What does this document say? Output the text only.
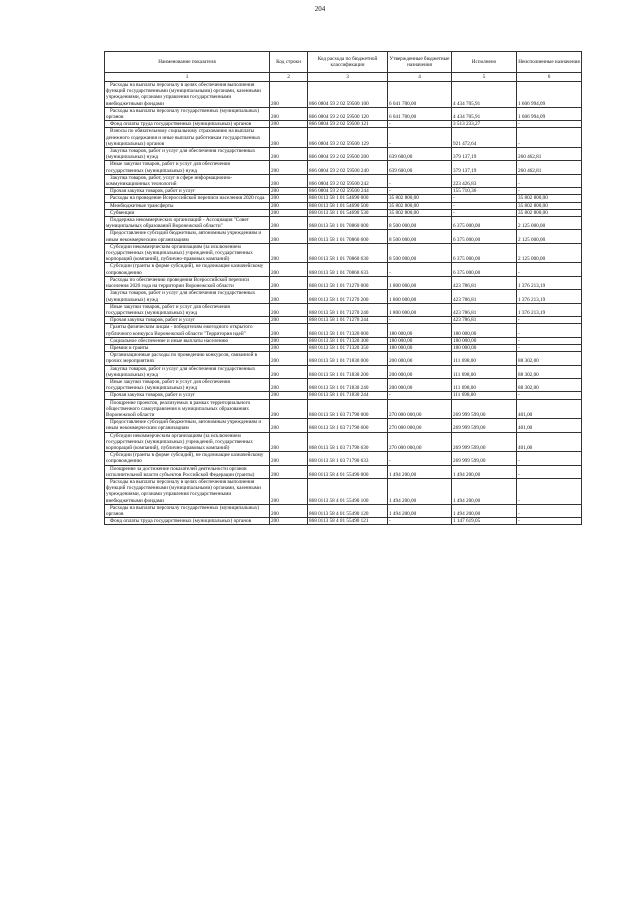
204
Наименование показателя	Код строки	Код расхода по бюджетной классификации	Утвержденные бюджетные назначения	Исполнено	Неисполненные назначения
1	2	3	4	5	6
Расходы на выплаты персоналу в целях обеспечения выполнения функций государственными (муниципальными) органами, казенными учреждениями, органами управления государственными внебюджетными фондами	200	866 0804 59 2 02 59500 100	6 041 700,00	4 434 705,91	1 606 994,09
Расходы на выплаты персоналу государственных (муниципальных) органов	200	866 0804 59 2 02 59500 120	6 041 700,00	4 434 705,91	1 606 994,09
Фонд оплаты труда государственных (муниципальных) органов	200	866 0804 59 2 02 59500 121	-	3 513 233,27	-
Взносы по обязательному социальному страхованию на выплаты денежного содержания и иные выплаты работникам государственных (муниципальных) органов	200	866 0804 59 2 02 59500 129	-	921 472,64	-
Закупка товаров, работ и услуг для обеспечения государственных (муниципальных) нужд	200	866 0804 59 2 02 59500 200	639 600,00	379 137,19	260 462,81
Иные закупки товаров, работ и услуг для обеспечения государственных (муниципальных) нужд	200	866 0804 59 2 02 59500 240	639 600,00	379 137,19	260 462,81
Закупка товаров, работ, услуг в сфере информационно-коммуникационных технологий	200	866 0804 59 2 02 59500 242	-	223 426,83	-
Прочая закупка товаров, работ и услуг	200	866 0804 59 2 02 59500 244	-	155 710,36	-
Расходы на проведение Всероссийской переписи населения 2020 года	200	868 0113 58 1 01 54690 000	35 802 800,00	-	35 802 800,00
Межбюджетные трансферты	200	868 0113 58 1 01 54690 500	35 802 800,00	-	35 802 800,00
Субвенции	200	868 0113 58 1 01 54690 530	35 802 800,00	-	35 802 800,00
Поддержка некоммерческих организаций - Ассоциация "Совет муниципальных образований Воронежской области"	200	868 0113 58 1 01 70860 000	8 500 000,00	6 375 000,00	2 125 000,00
Предоставление субсидий бюджетным, автономным учреждениям и иным некоммерческим организациям	200	868 0113 58 1 01 70860 600	8 500 000,00	6 375 000,00	2 125 000,00
Субсидии некоммерческим организациям (за исключением государственных (муниципальных) учреждений, государственных корпораций (компаний), публично-правовых компаний)	200	868 0113 58 1 01 70860 630	8 500 000,00	6 375 000,00	2 125 000,00
Субсидии (гранты в форме субсидий), не подлежащие казначейскому сопровождению	200	868 0113 58 1 01 70860 633	-	6 375 000,00	-
Расходы по обеспечению проведения Всероссийской переписи населения 2020 года на территории Воронежской области	200	868 0113 58 1 01 71270 000	1 800 000,00	423 786,81	1 376 213,19
Закупка товаров, работ и услуг для обеспечения государственных (муниципальных) нужд	200	868 0113 58 1 01 71270 200	1 800 000,00	423 786,81	1 376 213,19
Иные закупки товаров, работ и услуг для обеспечения государственных (муниципальных) нужд	200	868 0113 58 1 01 71270 240	1 800 000,00	423 786,81	1 376 213,19
Прочая закупка товаров, работ и услуг	200	868 0113 58 1 01 71270 244	-	423 786,81	-
Гранты физическим лицам - победителям ежегодного открытого публичного конкурса Воронежской области "Территория идей"	200	868 0113 58 1 01 71320 000	180 000,00	180 000,00	-
Социальное обеспечение и иные выплаты населению	200	868 0113 58 1 01 71320 300	180 000,00	180 000,00	-
Премии и гранты	200	868 0113 58 1 01 71320 350	180 000,00	180 000,00	-
Организационные расходы по проведению конкурсов, связанной в прочих мероприятиях	200	868 0113 58 1 01 71830 000	200 000,00	111 698,00	88 302,00
Закупка товаров, работ и услуг для обеспечения государственных (муниципальных) нужд	200	868 0113 58 1 01 71830 200	200 000,00	111 698,00	88 302,00
Иные закупки товаров, работ и услуг для обеспечения государственных (муниципальных) нужд	200	868 0113 58 1 01 71830 240	200 000,00	111 698,00	88 302,00
Прочая закупка товаров, работ и услуг	200	868 0113 58 1 01 71830 244	-	111 698,00	-
Поощрение проектов, реализуемых в рамках территориального общественного самоуправления в муниципальных образованиях Воронежской области	200	868 0113 58 1 03 71790 000	270 000 000,00	269 999 599,00	401,00
Предоставление субсидий бюджетным, автономным учреждениям и иным некоммерческим организациям	200	868 0113 58 1 03 71790 600	270 000 000,00	269 999 599,00	401,00
Субсидии некоммерческим организациям (за исключением государственных (муниципальных) учреждений, государственных корпораций (компаний), публично-правовых компаний)	200	868 0113 58 1 03 71790 630	270 000 000,00	269 999 599,00	401,00
Субсидии (гранты в форме субсидий), не подлежащие казначейскому сопровождению	200	868 0113 58 1 03 71790 633	-	269 999 599,00	-
Поощрение за достижение показателей деятельности органов исполнительной власти субъектов Российской Федерации (гранты)	200	868 0113 58 4 01 55490 000	1 494 200,00	1 494 200,00	-
Расходы на выплаты персоналу в целях обеспечения выполнения функций государственными (муниципальными) органами, казенными учреждениями, органами управления государственными внебюджетными фондами	200	868 0113 58 4 01 55490 100	1 494 200,00	1 494 200,00	-
Расходы на выплаты персоналу государственных (муниципальных) органов	200	868 0113 58 4 01 55490 120	1 494 200,00	1 494 200,00	-
Фонд оплаты труда государственных (муниципальных) органов	200	868 0113 58 4 01 55490 121	-	1 147 619,05	-
